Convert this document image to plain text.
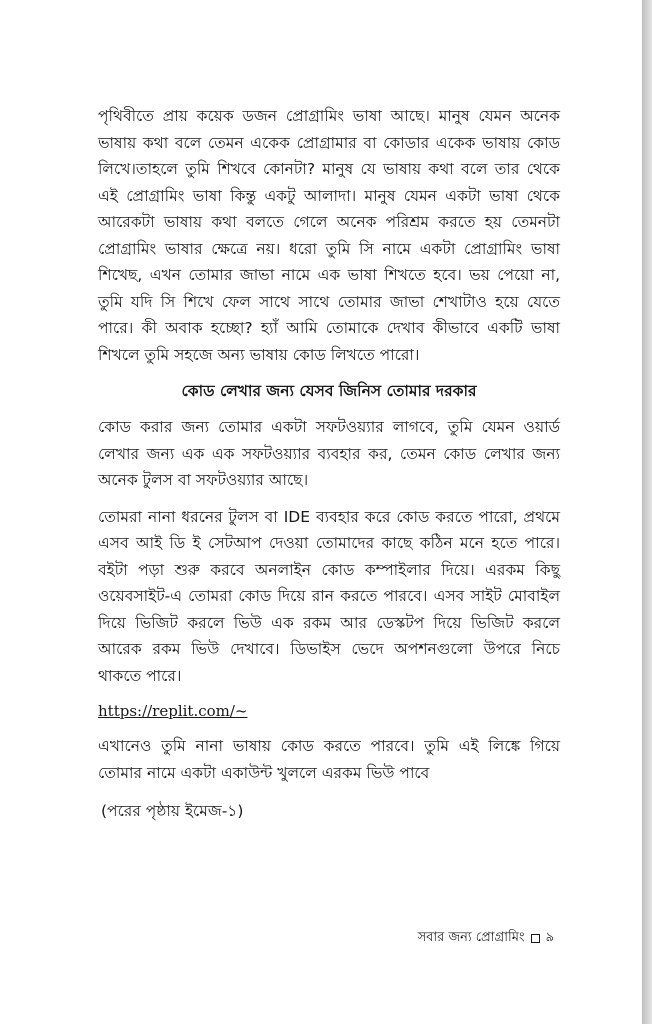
পৃথিবীতে প্রায় কয়েক ডজন প্রোগ্রামিং ভাষা আছে। মানুষ যেমন অনেক ভাষায় কথা বলে তেমন একেক প্রোগ্রামার বা কোডার একেক ভাষায় কোড লিখে।তাহলে তুমি শিখবে কোনটা? মানুষ যে ভাষায় কথা বলে তার থেকে এই প্রোগ্রামিং ভাষা কিন্তু একটু আলাদা। মানুষ যেমন একটা ভাষা থেকে আরেকটা ভাষায় কথা বলতে গেলে অনেক পরিশ্রম করতে হয় তেমনটা প্রোগ্রামিং ভাষার ক্ষেত্রে নয়। ধরো তুমি সি নামে একটা প্রোগ্রামিং ভাষা শিখেছ, এখন তোমার জাভা নামে এক ভাষা শিখতে হবে। ভয় পেয়ো না, তুমি যদি সি শিখে ফেল সাথে সাথে তোমার জাভা শেখাটাও হয়ে যেতে পারে। কী অবাক হচ্ছো? হ্যাঁ আমি তোমাকে দেখাব কীভাবে একটি ভাষা শিখলে তুমি সহজে অন্য ভাষায় কোড লিখতে পারো।

কোড লেখার জন্য যেসব জিনিস তোমার দরকার

কোড করার জন্য তোমার একটা সফটওয়্যার লাগবে, তুমি যেমন ওয়ার্ড লেখার জন্য এক এক সফটওয়্যার ব্যবহার কর, তেমন কোড লেখার জন্য অনেক টুলস বা সফটওয়্যার আছে।

তোমরা নানা ধরনের টুলস বা IDE ব্যবহার করে কোড করতে পারো, প্রথমে এসব আই ডি ই সেটআপ দেওয়া তোমাদের কাছে কঠিন মনে হতে পারে। বইটা পড়া শুরু করবে অনলাইন কোড কম্পাইলার দিয়ে। এরকম কিছু ওয়েবসাইট-এ তোমরা কোড দিয়ে রান করতে পারবে। এসব সাইট মোবাইল দিয়ে ভিজিট করলে ভিউ এক রকম আর ডেস্কটপ দিয়ে ভিজিট করলে আরেক রকম ভিউ দেখাবে। ডিভাইস ভেদে অপশনগুলো উপরে নিচে থাকতে পারে।

https://replit.com/~

এখানেও তুমি নানা ভাষায় কোড করতে পারবে। তুমি এই লিঙ্কে গিয়ে তোমার নামে একটা একাউন্ট খুললে এরকম ভিউ পাবে

(পরের পৃষ্ঠায় ইমেজ-১)
সবার জন্য প্রোগ্রামিং ৯
